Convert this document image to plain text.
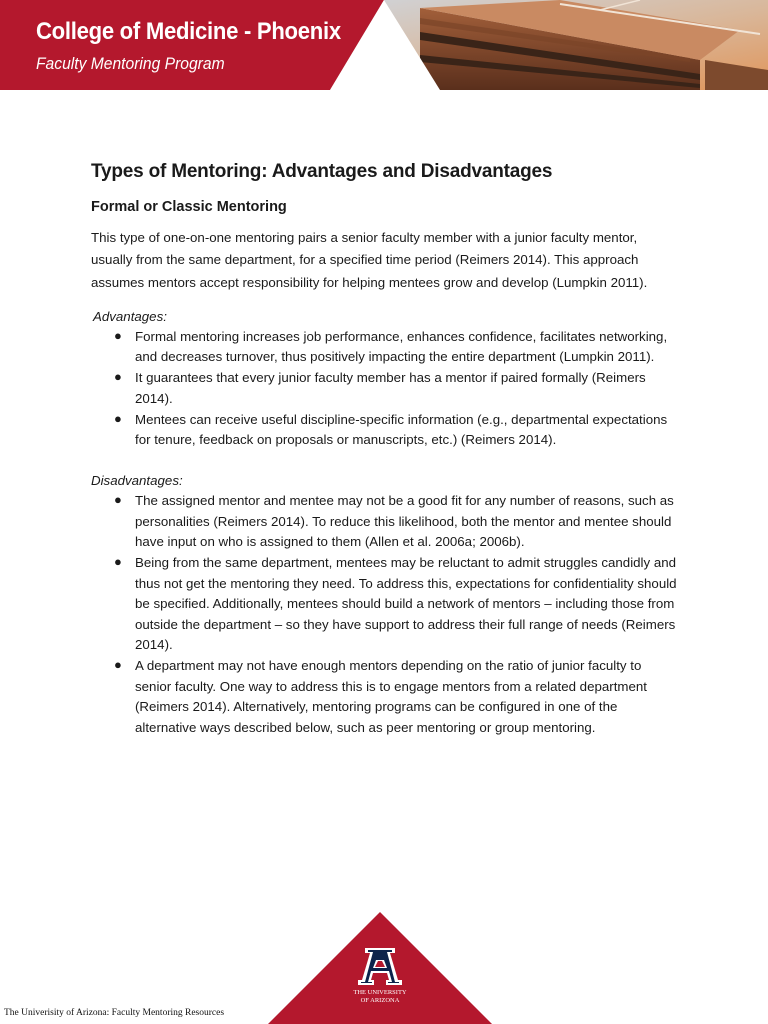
College of Medicine - Phoenix
Faculty Mentoring Program
Types of Mentoring: Advantages and Disadvantages
Formal or Classic Mentoring

This type of one-on-one mentoring pairs a senior faculty member with a junior faculty mentor, usually from the same department, for a specified time period (Reimers 2014). This approach assumes mentors accept responsibility for helping mentees grow and develop (Lumpkin 2011).

Advantages:
● Formal mentoring increases job performance, enhances confidence, facilitates networking, and decreases turnover, thus positively impacting the entire department (Lumpkin 2011).
● It guarantees that every junior faculty member has a mentor if paired formally (Reimers 2014).
● Mentees can receive useful discipline-specific information (e.g., departmental expectations for tenure, feedback on proposals or manuscripts, etc.) (Reimers 2014).
Disadvantages:
● The assigned mentor and mentee may not be a good fit for any number of reasons, such as personalities (Reimers 2014). To reduce this likelihood, both the mentor and mentee should have input on who is assigned to them (Allen et al. 2006a; 2006b).
● Being from the same department, mentees may be reluctant to admit struggles candidly and thus not get the mentoring they need. To address this, expectations for confidentiality should be specified. Additionally, mentees should build a network of mentors – including those from outside the department – so they have support to address their full range of needs (Reimers 2014).
● A department may not have enough mentors depending on the ratio of junior faculty to senior faculty. One way to address this is to engage mentors from a related department (Reimers 2014). Alternatively, mentoring programs can be configured in one of the alternative ways described below, such as peer mentoring or group mentoring.
THE UNIVERSITY
OF ARIZONA
The Univerisity of Arizona: Faculty Mentoring Resources
